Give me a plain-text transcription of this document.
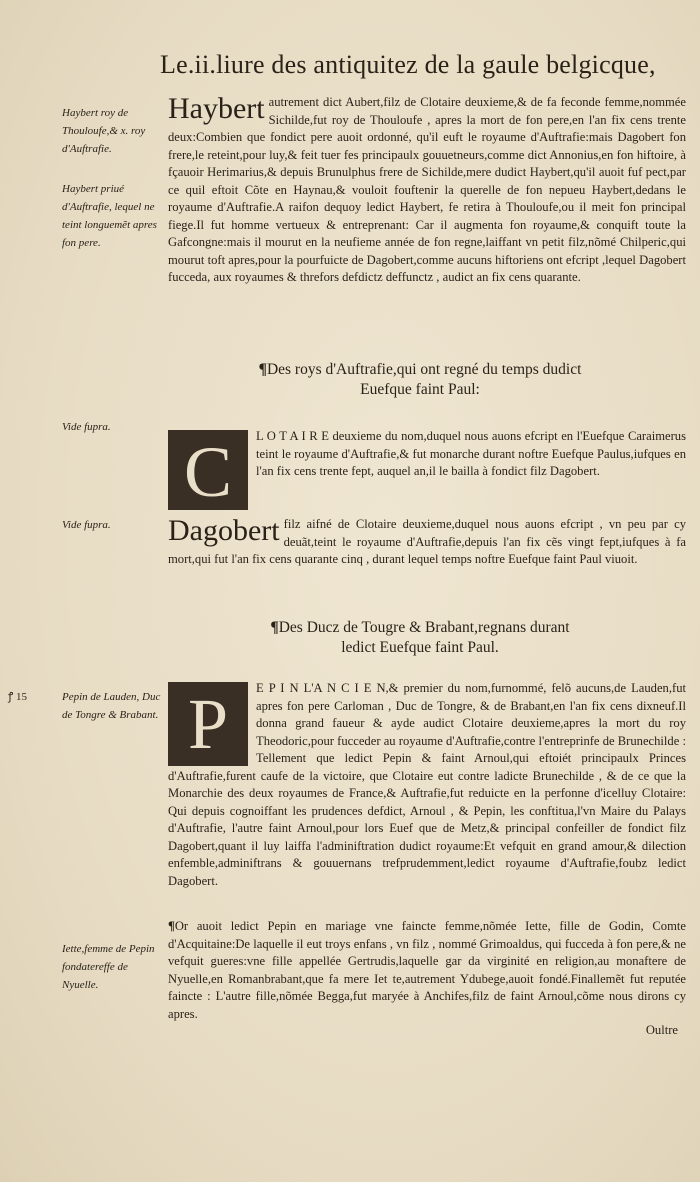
Le.ii.liure des antiquitez de la gaule belgicque,
Haybert roy de Thouloufe,& x. roy d'Auftrafie.
Haybert priué d'Auftrafie, lequel ne teint longuemẽt apres fon pere.
Vide fupra.
Vide fupra.
Pepin de Lauden, Duc de Tongre & Brabant.
Iette,femme de Pepin fondatereffe de Nyuelle.
ꝭ 15
Haybert autrement dict Aubert,filz de Clotaire deuxieme,& de fa feconde femme,nommée Sichilde,fut roy de Thouloufe , apres la mort de fon pere,en l'an fix cens trente deux:Combien que fondict pere auoit ordonné, qu'il euft le royaume d'Auftrafie:mais Dagobert fon frere,le reteint,pour luy,& feit tuer fes principaulx gouuetneurs,comme dict Annonius,en fon hiftoire, à fçauoir Herimarius,& depuis Brunulphus frere de Sichilde,mere dudict Haybert,qu'il auoit fuf pect,par ce quil eftoit Cõte en Haynau,& vouloit fouftenir la querelle de fon nepueu Haybert,dedans le royaume d'Auftrafie.A raifon dequoy ledict Haybert, fe retira à Thouloufe,ou il meit fon principal fiege.Il fut homme vertueux & entreprenant: Car il augmenta fon royaume,& conquift toute la Gafcongne:mais il mourut en la neufieme année de fon regne,laiffant vn petit filz,nõmé Chilperic,qui mourut toft apres,pour la pourfuicte de Dagobert,comme aucuns hiftoriens ont efcript ,lequel Dagobert fucceda, aux royaumes & threfors defdictz deffunctz , audict an fix cens quarante.
¶Des roys d'Auftrafie,qui ont regné du temps dudict
Euefque faint Paul:
C	L O T A I R E deuxieme du nom,duquel nous auons efcript en l'Euefque Caraimerus teint le royaume d'Auftrafie,& fut monarche durant noftre Euefque Paulus,iufques en l'an fix cens trente fept, auquel an,il le bailla à fondict filz Dagobert.
Dagobert filz aifné de Clotaire deuxieme,duquel nous auons efcript , vn peu par cy deuãt,teint le royaume d'Auftrafie,depuis l'an fix cẽs vingt fept,iufques à fa mort,qui fut l'an fix cens quarante cinq , durant lequel temps noftre Euefque faint Paul viuoit.
¶Des Ducz de Tougre & Brabant,regnans durant
ledict Euefque faint Paul.
P	E P I N L'A N C I E N,& premier du nom,furnommé, felõ aucuns,de Lauden,fut apres fon pere Carloman , Duc de Tongre, & de Brabant,en l'an fix cens dixneuf.Il donna grand faueur & ayde audict Clotaire deuxieme,apres la mort du roy Theodoric,pour fucceder au royaume d'Auftrafie,contre l'entreprinfe de Brunechilde : Tellement que ledict Pepin & faint Arnoul,qui eftoiét principaulx Princes d'Auftrafie,furent caufe de la victoire, que Clotaire eut contre ladicte Brunechilde , & de ce que la Monarchie des deux royaumes de France,& Auftrafie,fut reduicte en la perfonne d'icelluy Clotaire: Qui depuis cognoiffant les prudences defdict, Arnoul , & Pepin, les conftitua,l'vn Maire du Palays d'Auftrafie, l'autre faint Arnoul,pour lors Euef que de Metz,& principal confeiller de fondict filz Dagobert,quant il luy laiffa l'adminiftration dudict royaume:Et vefquit en grand amour,& dilection enfemble,adminiftrans & gouuernans trefprudemment,ledict royaume d'Auftrafie,foubz ledict Dagobert.
¶Or auoit ledict Pepin en mariage vne faincte femme,nõmée Iette, fille de Godin, Comte d'Acquitaine:De laquelle il eut troys enfans , vn filz , nommé Grimoaldus, qui fucceda à fon pere,& ne vefquit gueres:vne fille appellée Gertrudis,laquelle gar da virginité en religion,au monaftere de Nyuelle,en Romanbrabant,que fa mere Iet te,autrement Ydubege,auoit fondé.Finallemẽt fut reputée faincte : L'autre fille,nõmée Begga,fut maryée à Anchifes,filz de faint Arnoul,cõme nous dirons cy apres.
Oultre
